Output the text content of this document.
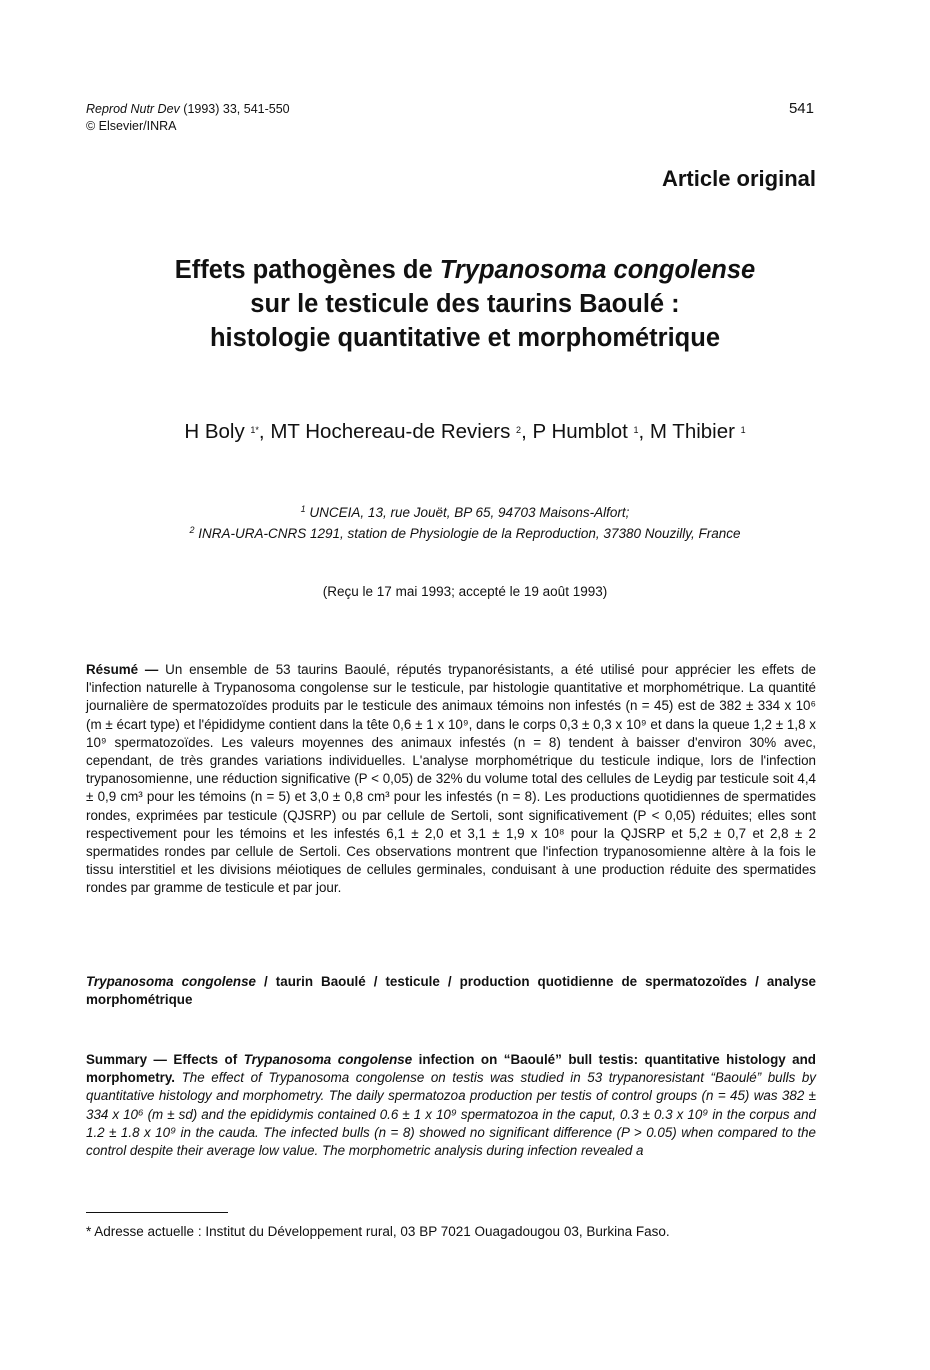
Reprod Nutr Dev (1993) 33, 541-550
© Elsevier/INRA
541
Article original
Effets pathogènes de Trypanosoma congolense
sur le testicule des taurins Baoulé :
histologie quantitative et morphométrique
H Boly $^{1*}$, MT Hochereau-de Reviers $^2$, P Humblot $^1$, M Thibier $^1$
$^1$ UNCEIA, 13, rue Jouët, BP 65, 94703 Maisons-Alfort;
$^2$ INRA-URA-CNRS 1291, station de Physiologie de la Reproduction, 37380 Nouzilly, France
(Reçu le 17 mai 1993; accepté le 19 août 1993)
Résumé — Un ensemble de 53 taurins Baoulé, réputés trypanorésistants, a été utilisé pour apprécier les effets de l'infection naturelle à Trypanosoma congolense sur le testicule, par histologie quantitative et morphométrique. La quantité journalière de spermatozoïdes produits par le testicule des animaux témoins non infestés (n = 45) est de 382 ± 334 x 10⁶ (m ± écart type) et l'épididyme contient dans la tête 0,6 ± 1 x 10⁹, dans le corps 0,3 ± 0,3 x 10⁹ et dans la queue 1,2 ± 1,8 x 10⁹ spermatozoïdes. Les valeurs moyennes des animaux infestés (n = 8) tendent à baisser d'environ 30% avec, cependant, de très grandes variations individuelles. L'analyse morphométrique du testicule indique, lors de l'infection trypanosomienne, une réduction significative (P < 0,05) de 32% du volume total des cellules de Leydig par testicule soit 4,4 ± 0,9 cm³ pour les témoins (n = 5) et 3,0 ± 0,8 cm³ pour les infestés (n = 8). Les productions quotidiennes de spermatides rondes, exprimées par testicule (QJSRP) ou par cellule de Sertoli, sont significativement (P < 0,05) réduites; elles sont respectivement pour les témoins et les infestés 6,1 ± 2,0 et 3,1 ± 1,9 x 10⁸ pour la QJSRP et 5,2 ± 0,7 et 2,8 ± 2 spermatides rondes par cellule de Sertoli. Ces observations montrent que l'infection trypanosomienne altère à la fois le tissu interstitiel et les divisions méiotiques de cellules germinales, conduisant à une production réduite des spermatides rondes par gramme de testicule et par jour.
Trypanosoma congolense / taurin Baoulé / testicule / production quotidienne de spermatozoïdes / analyse morphométrique
Summary — Effects of Trypanosoma congolense infection on “Baoulé” bull testis: quantitative histology and morphometry. The effect of Trypanosoma congolense on testis was studied in 53 trypanoresistant “Baoulé” bulls by quantitative histology and morphometry. The daily spermatozoa production per testis of control groups (n = 45) was 382 ± 334 x 10⁶ (m ± sd) and the epididymis contained 0.6 ± 1 x 10⁹ spermatozoa in the caput, 0.3 ± 0.3 x 10⁹ in the corpus and 1.2 ± 1.8 x 10⁹ in the cauda. The infected bulls (n = 8) showed no significant difference (P > 0.05) when compared to the control despite their average low value. The morphometric analysis during infection revealed a
* Adresse actuelle : Institut du Développement rural, 03 BP 7021 Ouagadougou 03, Burkina Faso.
